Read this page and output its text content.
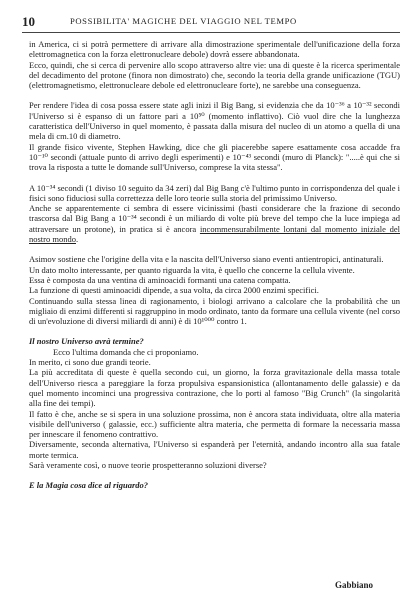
10	POSSIBILITA' MAGICHE DEL VIAGGIO NEL TEMPO

in America, ci si potrà permettere di arrivare alla dimostrazione sperimentale dell'unificazione della forza elettromagnetica con la forza elettronucleare debole) dovrà essere abbandonata.

Ecco, quindi, che si cerca di pervenire allo scopo attraverso altre vie: una di queste è la ricerca sperimentale del decadimento del protone (finora non dimostrato) che, secondo la teoria della grande unificazione (TGU) (elettromagnetismo, elettronucleare debole ed elettronucleare forte), ne sarebbe una conseguenza.

Per rendere l'idea di cosa possa essere state agli inizi il Big Bang, si evidenzia che da 10⁻³⁶ a 10⁻³² secondi l'Universo si è espanso di un fattore pari a 10⁵⁰ (momento inflattivo). Ciò vuol dire che la lunghezza caratteristica dell'Universo in quel momento, è passata dalla misura del nucleo di un atomo a quella di una mela di cm.10 di diametro.

Il grande fisico vivente, Stephen Hawking, dice che gli piacerebbe sapere esattamente cosa accadde fra 10⁻¹⁰ secondi (attuale punto di arrivo degli esperimenti) e 10⁻⁴³ secondi (muro di Planck): ".....è qui che si trova la risposta a tutte le domande sull'Universo, comprese la vita stessa".

A 10⁻³⁴ secondi (1 diviso 10 seguito da 34 zeri) dal Big Bang c'è l'ultimo punto in corrispondenza del quale i fisici sono fiduciosi sulla correttezza delle loro teorie sulla storia del primissimo Universo.

Anche se apparentemente ci sembra di essere vicinissimi (basti considerare che la frazione di secondo trascorsa dal Big Bang a 10⁻³⁴ secondi è un miliardo di volte più breve del tempo che la luce impiega ad attraversare un protone), in pratica si è ancora incommensurabilmente lontani dal momento iniziale del nostro mondo.

Asimov sostiene che l'origine della vita e la nascita dell'Universo siano eventi antientropici, antinaturali.

Un dato molto interessante, per quanto riguarda la vita, è quello che concerne la cellula vivente.

Essa è composta da una ventina di aminoacidi formanti una catena compatta.

La funzione di questi aminoacidi dipende, a sua volta, da circa 2000 enzimi specifici.

Continuando sulla stessa linea di ragionamento, i biologi arrivano a calcolare che la probabilità che un migliaio di enzimi differenti si raggruppino in modo ordinato, tanto da formare una cellula vivente (nel corso di un'evoluzione di diversi miliardi di anni) è di 10¹⁰⁰⁰ contro 1.

Il nostro Universo avrà termine?

Ecco l'ultima domanda che ci proponiamo.

In merito, ci sono due grandi teorie.

La più accreditata di queste è quella secondo cui, un giorno, la forza gravitazionale della massa totale dell'Universo riesca a pareggiare la forza propulsiva espansionistica (allontanamento delle galassie) e da quel momento incominci una progressiva contrazione, che lo porti al famoso "Big Crunch" (la singolarità alla fine dei tempi).

Il fatto è che, anche se si spera in una soluzione prossima, non è ancora stata individuata, oltre alla materia visibile dell'universo ( galassie, ecc.) sufficiente altra materia, che permetta di formare la necessaria massa per innescare il fenomeno contrattivo.

Diversamente, seconda alternativa, l'Universo si espanderà per l'eternità, andando incontro alla sua fatale morte termica.

Sarà veramente così, o nuove teorie prospetteranno soluzioni diverse?

E la Magia cosa dice al riguardo?

Gabbiano
